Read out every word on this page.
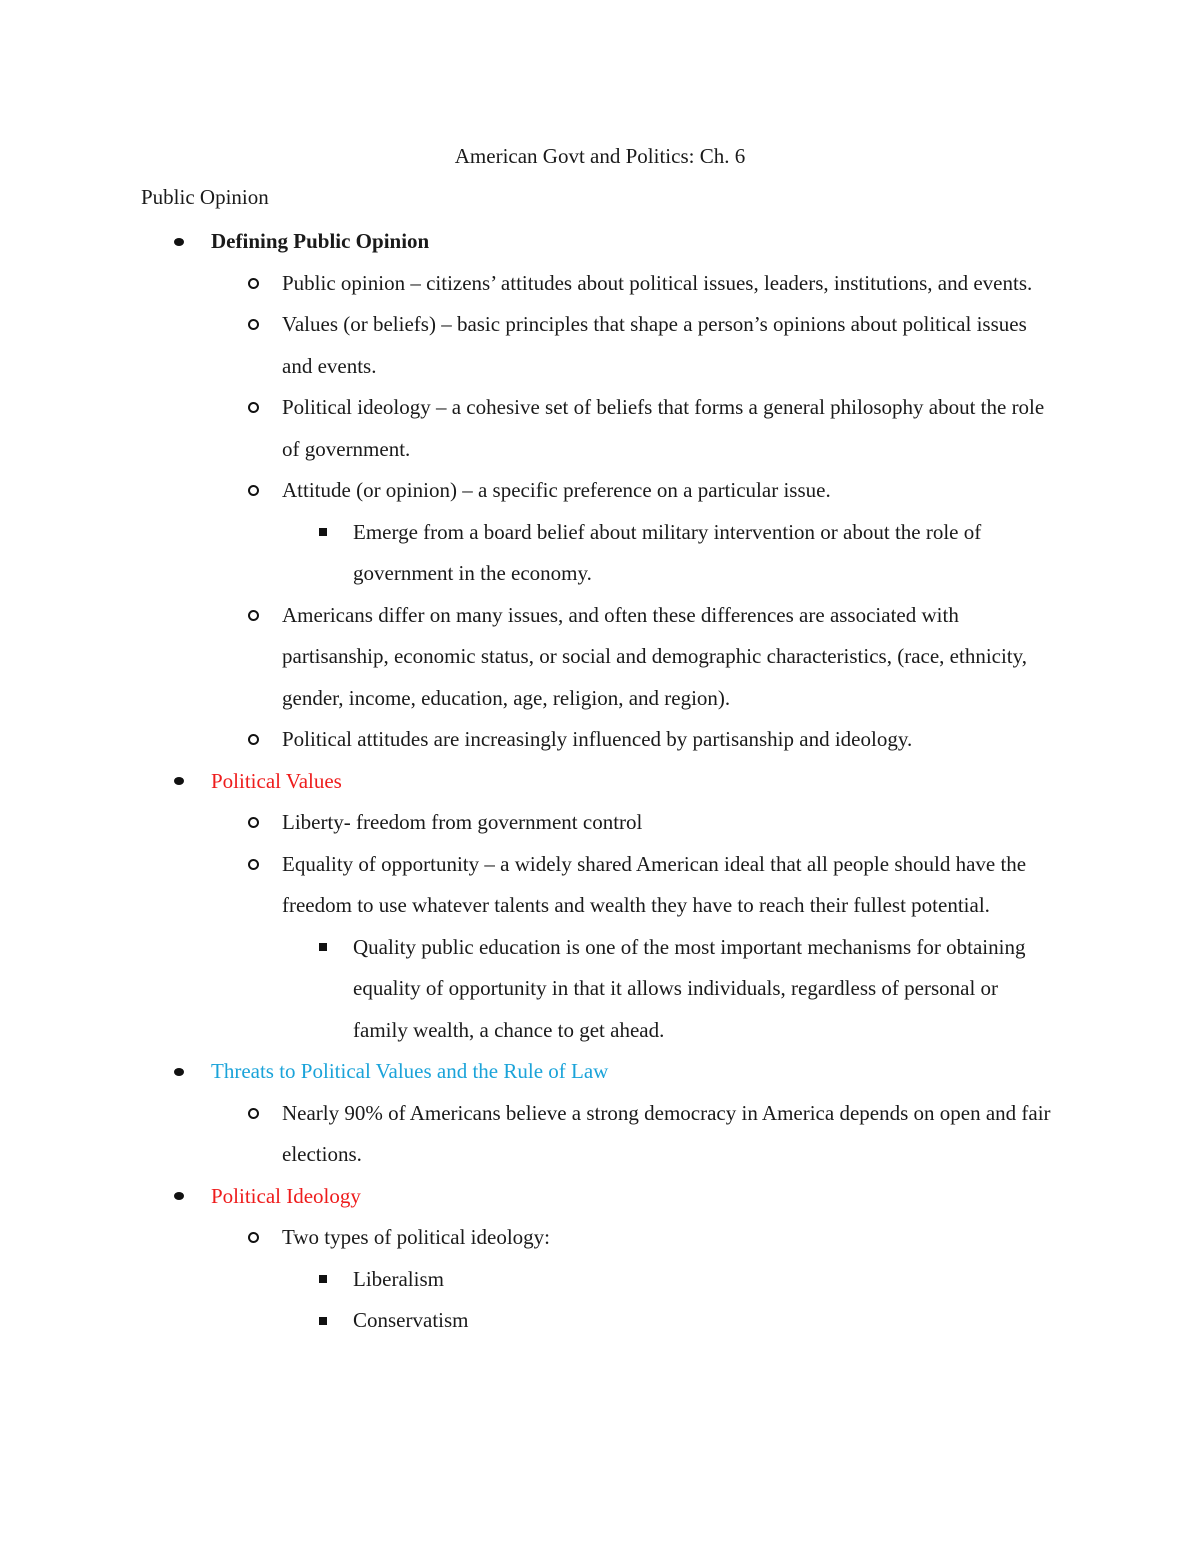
American Govt and Politics: Ch. 6
Public Opinion
Defining Public Opinion
Public opinion – citizens’ attitudes about political issues, leaders, institutions, and events.
Values (or beliefs) – basic principles that shape a person’s opinions about political issues and events.
Political ideology – a cohesive set of beliefs that forms a general philosophy about the role of government.
Attitude (or opinion) – a specific preference on a particular issue.
Emerge from a board belief about military intervention or about the role of government in the economy.
Americans differ on many issues, and often these differences are associated with partisanship, economic status, or social and demographic characteristics, (race, ethnicity, gender, income, education, age, religion, and region).
Political attitudes are increasingly influenced by partisanship and ideology.
Political Values
Liberty- freedom from government control
Equality of opportunity – a widely shared American ideal that all people should have the freedom to use whatever talents and wealth they have to reach their fullest potential.
Quality public education is one of the most important mechanisms for obtaining equality of opportunity in that it allows individuals, regardless of personal or family wealth, a chance to get ahead.
Threats to Political Values and the Rule of Law
Nearly 90% of Americans believe a strong democracy in America depends on open and fair elections.
Political Ideology
Two types of political ideology:
Liberalism
Conservatism
